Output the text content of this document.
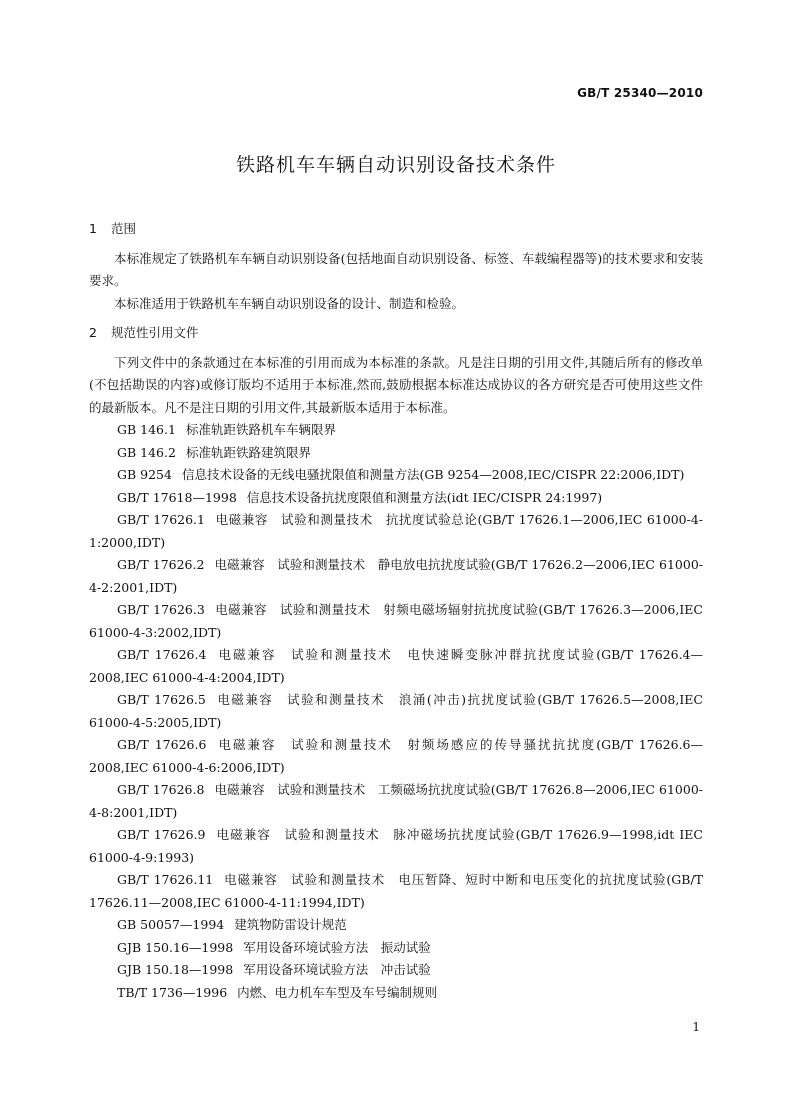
GB/T 25340—2010
铁路机车车辆自动识别设备技术条件
1 范围

本标准规定了铁路机车车辆自动识别设备(包括地面自动识别设备、标签、车载编程器等)的技术要求和安装要求。

本标准适用于铁路机车车辆自动识别设备的设计、制造和检验。

2 规范性引用文件

下列文件中的条款通过在本标准的引用而成为本标准的条款。凡是注日期的引用文件,其随后所有的修改单(不包括勘误的内容)或修订版均不适用于本标准,然而,鼓励根据本标准达成协议的各方研究是否可使用这些文件的最新版本。凡不是注日期的引用文件,其最新版本适用于本标准。

GB 146.1 标准轨距铁路机车车辆限界

GB 146.2 标准轨距铁路建筑限界

GB 9254 信息技术设备的无线电骚扰限值和测量方法(GB 9254—2008,IEC/CISPR 22:2006,IDT)

GB/T 17618—1998 信息技术设备抗扰度限值和测量方法(idt IEC/CISPR 24:1997)

GB/T 17626.1 电磁兼容　试验和测量技术　抗扰度试验总论(GB/T 17626.1—2006,IEC 61000-4-1:2000,IDT)

GB/T 17626.2 电磁兼容　试验和测量技术　静电放电抗扰度试验(GB/T 17626.2—2006,IEC 61000-4-2:2001,IDT)

GB/T 17626.3 电磁兼容　试验和测量技术　射频电磁场辐射抗扰度试验(GB/T 17626.3—2006,IEC 61000-4-3:2002,IDT)

GB/T 17626.4 电磁兼容　试验和测量技术　电快速瞬变脉冲群抗扰度试验(GB/T 17626.4—2008,IEC 61000-4-4:2004,IDT)

GB/T 17626.5 电磁兼容　试验和测量技术　浪涌(冲击)抗扰度试验(GB/T 17626.5—2008,IEC 61000-4-5:2005,IDT)

GB/T 17626.6 电磁兼容　试验和测量技术　射频场感应的传导骚扰抗扰度(GB/T 17626.6—2008,IEC 61000-4-6:2006,IDT)

GB/T 17626.8 电磁兼容　试验和测量技术　工频磁场抗扰度试验(GB/T 17626.8—2006,IEC 61000-4-8:2001,IDT)

GB/T 17626.9 电磁兼容　试验和测量技术　脉冲磁场抗扰度试验(GB/T 17626.9—1998,idt IEC 61000-4-9:1993)

GB/T 17626.11 电磁兼容　试验和测量技术　电压暂降、短时中断和电压变化的抗扰度试验(GB/T 17626.11—2008,IEC 61000-4-11:1994,IDT)

GB 50057—1994 建筑物防雷设计规范

GJB 150.16—1998 军用设备环境试验方法　振动试验

GJB 150.18—1998 军用设备环境试验方法　冲击试验

TB/T 1736—1996 内燃、电力机车车型及车号编制规则

1
